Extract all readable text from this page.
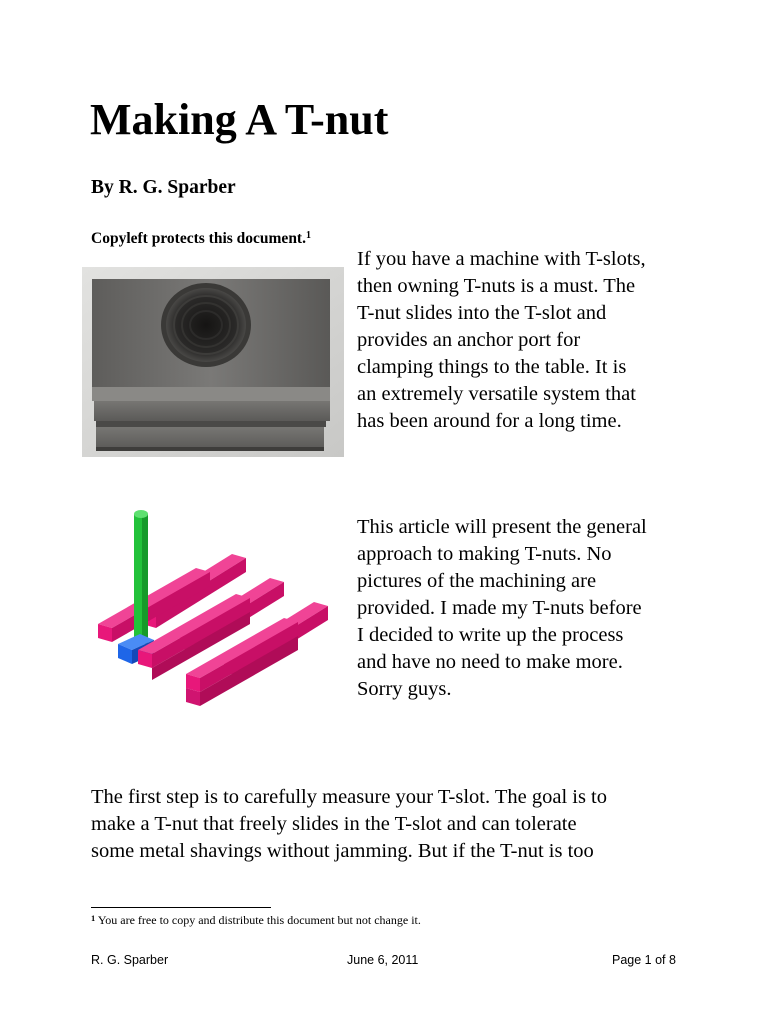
Making A T-nut
By R. G. Sparber
Copyleft protects this document.$^1$
If you have a machine with T-slots,
then owning T-nuts is a must. The
T-nut slides into the T-slot and
provides an anchor port for
clamping things to the table. It is
an extremely versatile system that
has been around for a long time.
This article will present the general
approach to making T-nuts. No
pictures of the machining are
provided. I made my T-nuts before
I decided to write up the process
and have no need to make more.
Sorry guys.
The first step is to carefully measure your T-slot. The goal is to
make a T-nut that freely slides in the T-slot and can tolerate
some metal shavings without jamming. But if the T-nut is too
$^1$ You are free to copy and distribute this document but not change it.
R. G. Sparber	June 6, 2011	Page 1 of 8
